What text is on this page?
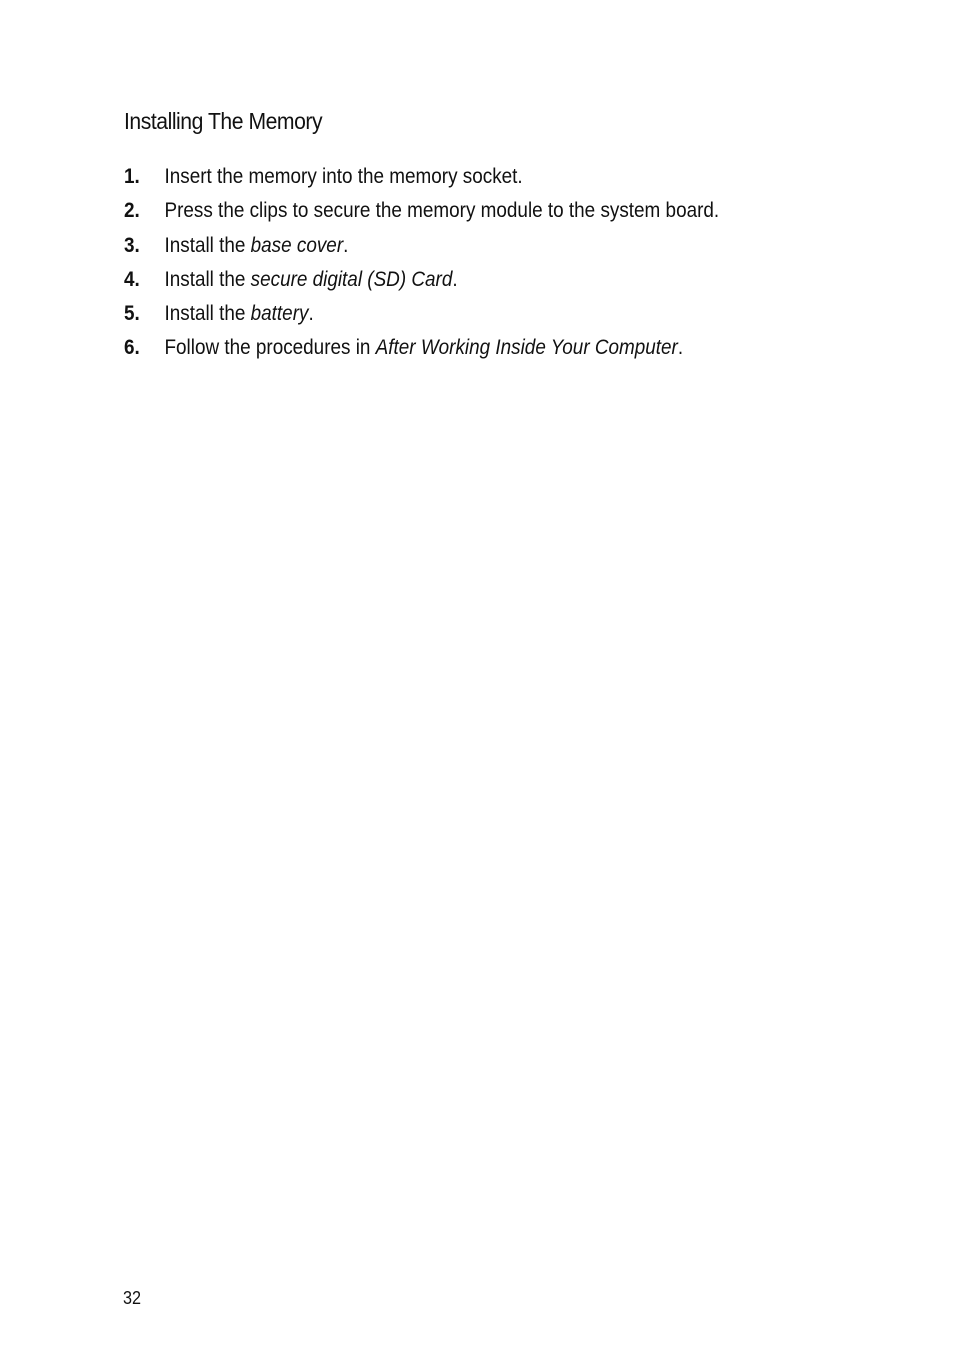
Installing The Memory
1. Insert the memory into the memory socket.
2. Press the clips to secure the memory module to the system board.
3. Install the base cover.
4. Install the secure digital (SD) Card.
5. Install the battery.
6. Follow the procedures in After Working Inside Your Computer.
32
